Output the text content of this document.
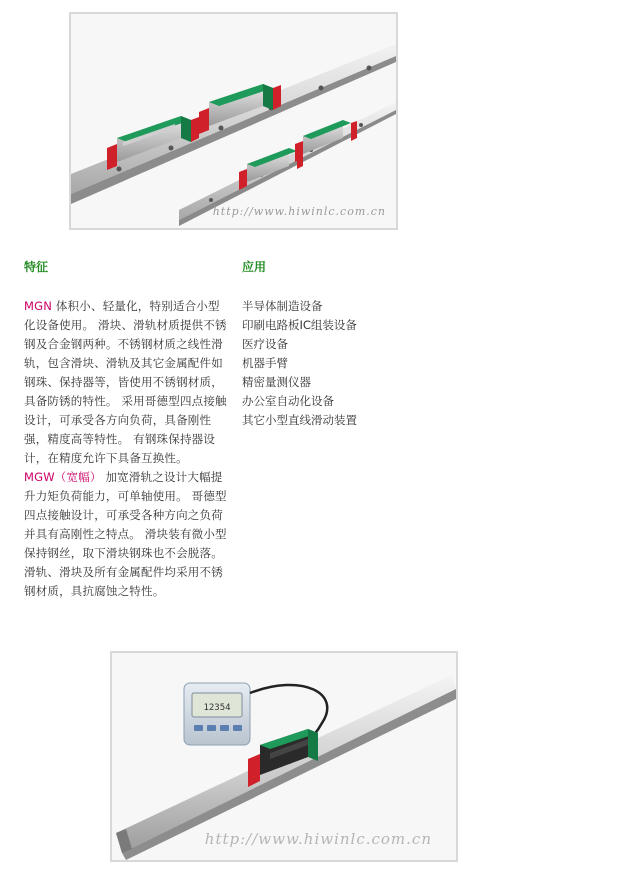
http://www.hiwinlc.com.cn
特征

MGN 体积小、轻量化，特别适合小型化设备使用。 滑块、滑轨材质提供不锈钢及合金钢两种。不锈钢材质之线性滑轨，包含滑块、滑轨及其它金属配件如钢珠、保持器等，皆使用不锈钢材质，具备防锈的特性。 采用哥德型四点接触设计，可承受各方向负荷，具备刚性强，精度高等特性。 有钢珠保持器设计，在精度允许下具备互换性。

MGW（宽幅） 加宽滑轨之设计大幅提升力矩负荷能力，可单轴使用。 哥德型四点接触设计，可承受各种方向之负荷并具有高刚性之特点。 滑块装有微小型保持钢丝，取下滑块钢珠也不会脱落。

滑轨、滑块及所有金属配件均采用不锈钢材质，具抗腐蚀之特性。

应用
半导体制造设备
印刷电路板IC组装设备
医疗设备
机器手臂
精密量测仪器
办公室自动化设备
其它小型直线滑动装置
12354
http://www.hiwinlc.com.cn
